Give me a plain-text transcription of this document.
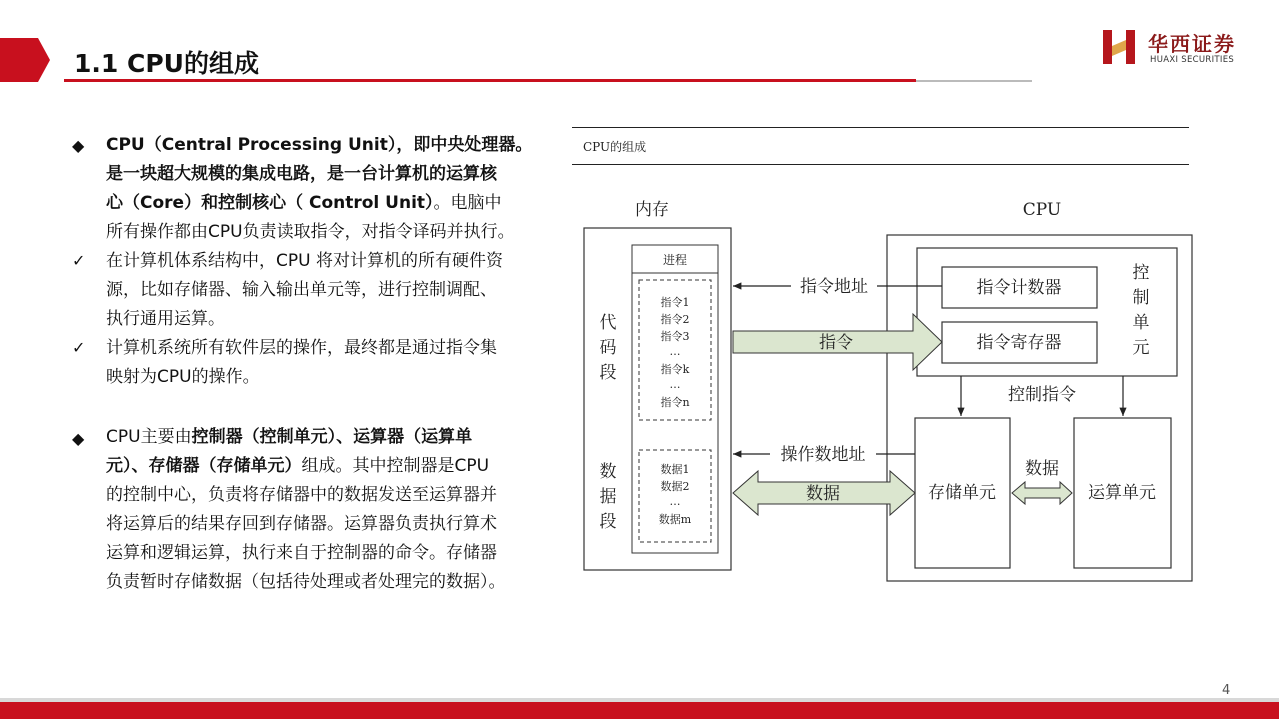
1.1 CPU的组成
华西证券
HUAXI SECURITIES
◆ CPU（Central Processing Unit），即中央处理器。
是一块超大规模的集成电路，是一台计算机的运算核
心（Core）和控制核心（ Control Unit）。电脑中
所有操作都由CPU负责读取指令，对指令译码并执行。
✓ 在计算机体系结构中，CPU 将对计算机的所有硬件资
源，比如存储器、输入输出单元等，进行控制调配、
执行通用运算。
✓ 计算机系统所有软件层的操作，最终都是通过指令集
映射为CPU的操作。
◆ CPU主要由控制器（控制单元）、运算器（运算单
元）、存储器（存储单元）组成。其中控制器是CPU
的控制中心，负责将存储器中的数据发送至运算器并
将运算后的结果存回到存储器。运算器负责执行算术
运算和逻辑运算，执行来自于控制器的命令。存储器
负责暂时存储数据（包括待处理或者处理完的数据）。
CPU的组成
内存
进程
指令1
指令2
指令3
…
指令k
…
指令n
数据1
数据2
…
数据m
代
码
段
数
据
段
CPU
指令计数器
指令寄存器
控
制
单
元
控制指令
存储单元	运算单元
数据
指令地址
指令
操作数地址
数据
4
